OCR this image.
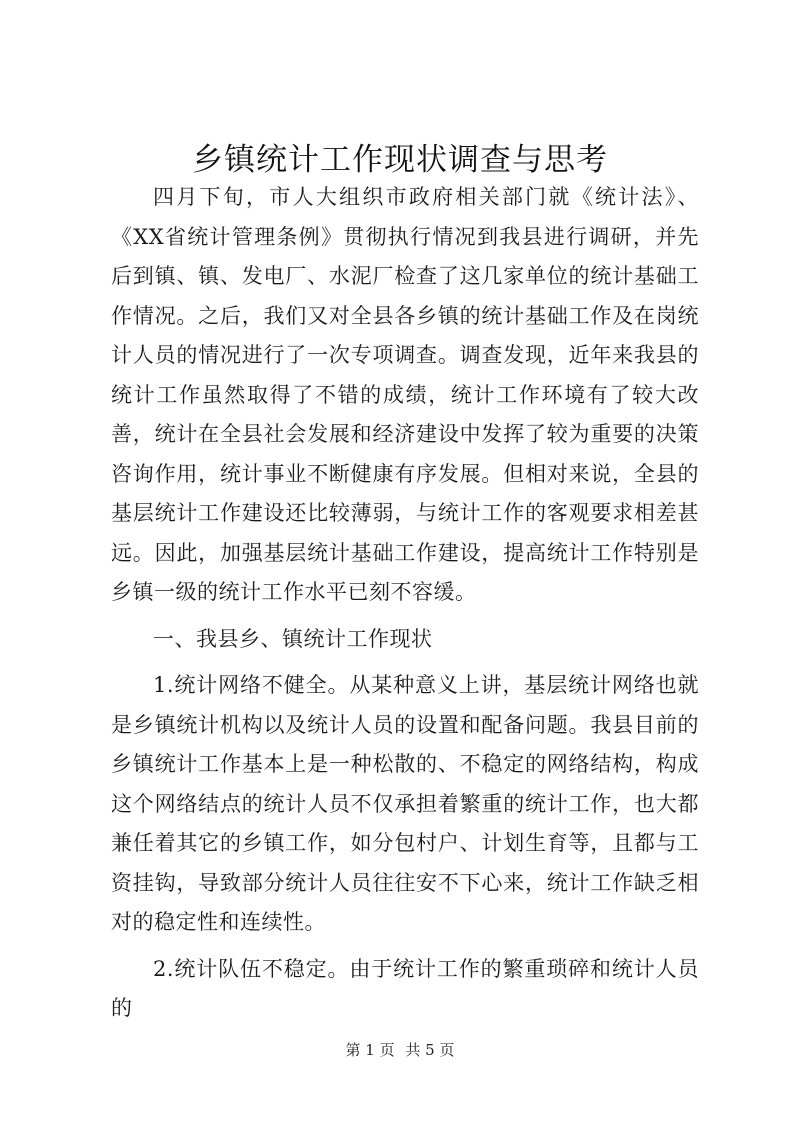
乡镇统计工作现状调查与思考

四月下旬，市人大组织市政府相关部门就《统计法》、《XX省统计管理条例》贯彻执行情况到我县进行调研，并先后到镇、镇、发电厂、水泥厂检查了这几家单位的统计基础工作情况。之后，我们又对全县各乡镇的统计基础工作及在岗统计人员的情况进行了一次专项调查。调查发现，近年来我县的统计工作虽然取得了不错的成绩，统计工作环境有了较大改善，统计在全县社会发展和经济建设中发挥了较为重要的决策咨询作用，统计事业不断健康有序发展。但相对来说，全县的基层统计工作建设还比较薄弱，与统计工作的客观要求相差甚远。因此，加强基层统计基础工作建设，提高统计工作特别是乡镇一级的统计工作水平已刻不容缓。

一、我县乡、镇统计工作现状

1.统计网络不健全。从某种意义上讲，基层统计网络也就是乡镇统计机构以及统计人员的设置和配备问题。我县目前的乡镇统计工作基本上是一种松散的、不稳定的网络结构，构成这个网络结点的统计人员不仅承担着繁重的统计工作，也大都兼任着其它的乡镇工作，如分包村户、计划生育等，且都与工资挂钩，导致部分统计人员往往安不下心来，统计工作缺乏相对的稳定性和连续性。

2.统计队伍不稳定。由于统计工作的繁重琐碎和统计人员的

第 1 页 共 5 页
